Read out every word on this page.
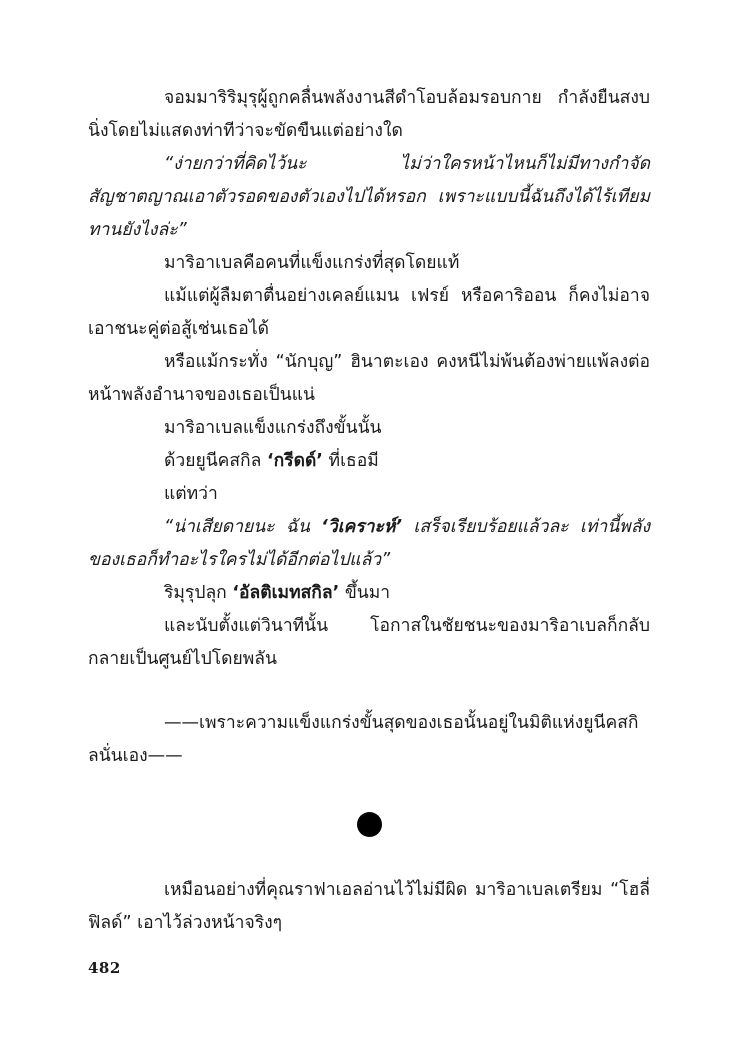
จอมมาริริมุรุผู้ถูกคลื่นพลังงานสีดำโอบล้อมรอบกาย กำลังยืนสงบนิ่งโดยไม่แสดงท่าทีว่าจะขัดขืนแต่อย่างใด

“ง่ายกว่าที่คิดไว้นะ ไม่ว่าใครหน้าไหนก็ไม่มีทางกำจัดสัญชาตญาณเอาตัวรอดของตัวเองไปได้หรอก เพราะแบบนี้ฉันถึงได้ไร้เทียมทานยังไงล่ะ”

มาริอาเบลคือคนที่แข็งแกร่งที่สุดโดยแท้

แม้แต่ผู้ลืมตาตื่นอย่างเคลย์แมน เฟรย์ หรือคาริออน ก็คงไม่อาจเอาชนะคู่ต่อสู้เช่นเธอได้

หรือแม้กระทั่ง “นักบุญ” ฮินาตะเอง คงหนีไม่พ้นต้องพ่ายแพ้ลงต่อหน้าพลังอำนาจของเธอเป็นแน่

มาริอาเบลแข็งแกร่งถึงขั้นนั้น

ด้วยยูนีคสกิล ‘กรีดด์’ ที่เธอมี

แต่ทว่า

“น่าเสียดายนะ ฉัน ‘วิเคราะห์’ เสร็จเรียบร้อยแล้วละ เท่านี้พลังของเธอก็ทำอะไรใครไม่ได้อีกต่อไปแล้ว”

ริมุรุปลุก ‘อัลติเมทสกิล’ ขึ้นมา

และนับตั้งแต่วินาทีนั้น โอกาสในชัยชนะของมาริอาเบลก็กลับกลายเป็นศูนย์ไปโดยพลัน

——เพราะความแข็งแกร่งขั้นสุดของเธอนั้นอยู่ในมิติแห่งยูนีคสกิลนั่นเอง——

เหมือนอย่างที่คุณราฟาเอลอ่านไว้ไม่มีผิด มาริอาเบลเตรียม “โฮลี่ฟิลด์” เอาไว้ล่วงหน้าจริงๆ

482
